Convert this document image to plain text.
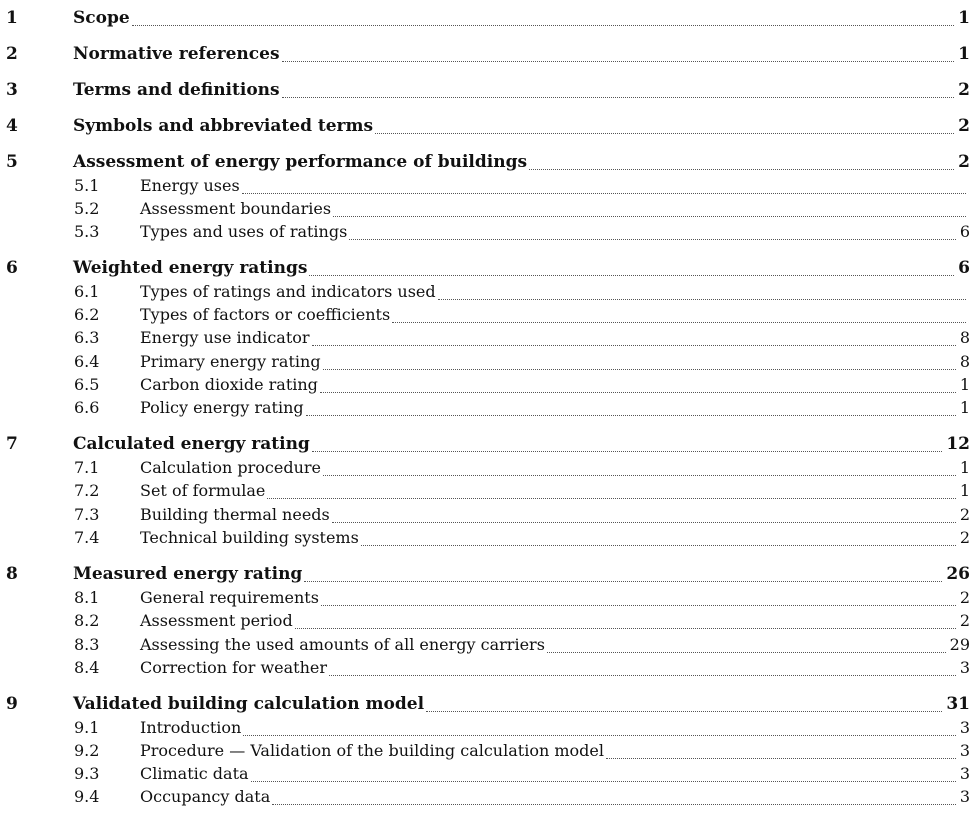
1	Scope	1
2	Normative references	1
3	Terms and definitions	2
4	Symbols and abbreviated terms	2
5	Assessment of energy performance of buildings	2
5.1	Energy uses
5.2	Assessment boundaries
5.3	Types and uses of ratings	6
6	Weighted energy ratings	6
6.1	Types of ratings and indicators used
6.2	Types of factors or coefficients
6.3	Energy use indicator	8
6.4	Primary energy rating	8
6.5	Carbon dioxide rating	1
6.6	Policy energy rating	1
7	Calculated energy rating	12
7.1	Calculation procedure	1
7.2	Set of formulae	1
7.3	Building thermal needs	2
7.4	Technical building systems	2
8	Measured energy rating	26
8.1	General requirements	2
8.2	Assessment period	2
8.3	Assessing the used amounts of all energy carriers	29
8.4	Correction for weather	3
9	Validated building calculation model	31
9.1	Introduction	3
9.2	Procedure — Validation of the building calculation model	3
9.3	Climatic data	3
9.4	Occupancy data	3
